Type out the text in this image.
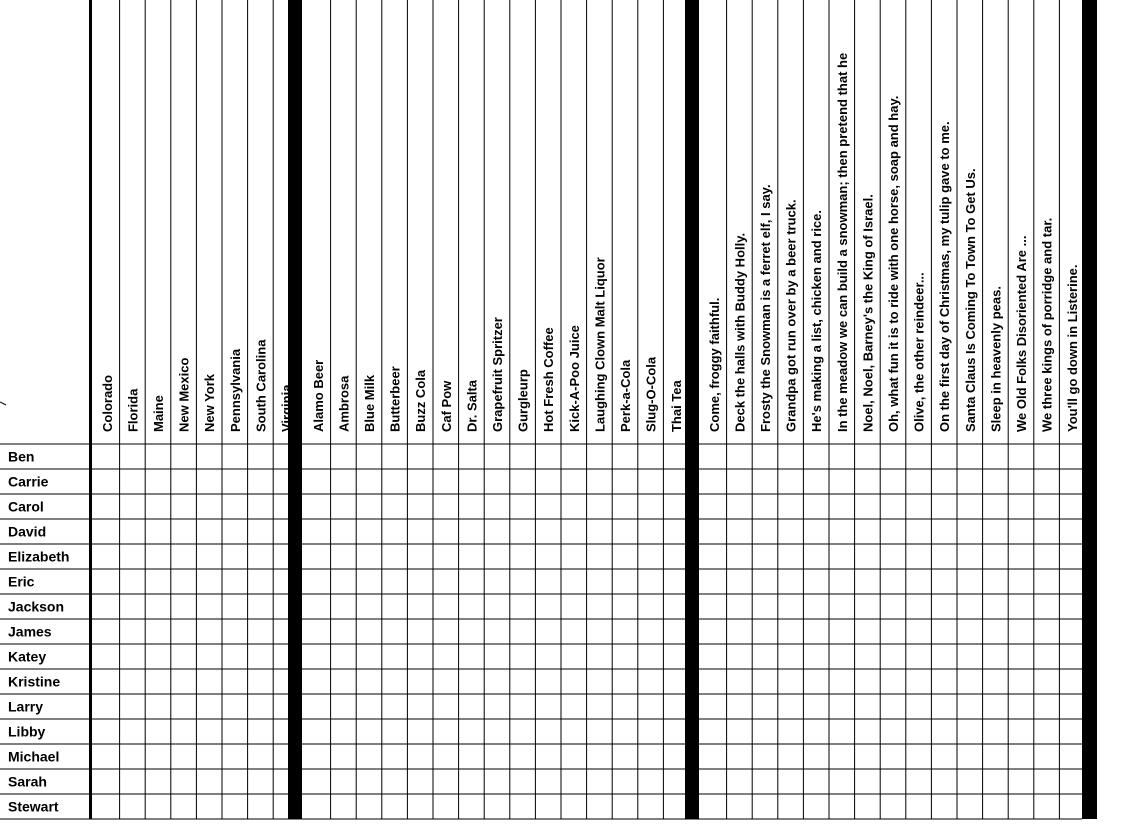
Ben
Carrie
Carol
David
Elizabeth
Eric
Jackson
James
Katey
Kristine
Larry
Libby
Michael
Sarah
Stewart
Colorado Florida Maine New Mexico New York Pennsylvania South Carolina Virginia Alamo Beer Ambrosa Blue Milk Butterbeer Buzz Cola Caf Pow Dr. Salta Grapefruit Spritzer Gurgleurp Hot Fresh Coffee Kick-A-Poo Juice Laughing Clown Malt Liquor Perk-a-Cola Slug-O-Cola Thai Tea Come, froggy faithful. Deck the halls with Buddy Holly. Frosty the Snowman is a ferret elf, I say. Grandpa got run over by a beer truck. He's making a list, chicken and rice. In the meadow we can build a snowman; then pretend that he Noel, Noel, Barney's the King of Israel. Oh, what fun it is to ride with one horse, soap and hay. Olive, the other reindeer... On the first day of Christmas, my tulip gave to me. Santa Claus Is Coming To Town To Get Us. Sleep in heavenly peas. We Old Folks Disoriented Are ... We three kings of porridge and tar. You'll go down in Listerine.
